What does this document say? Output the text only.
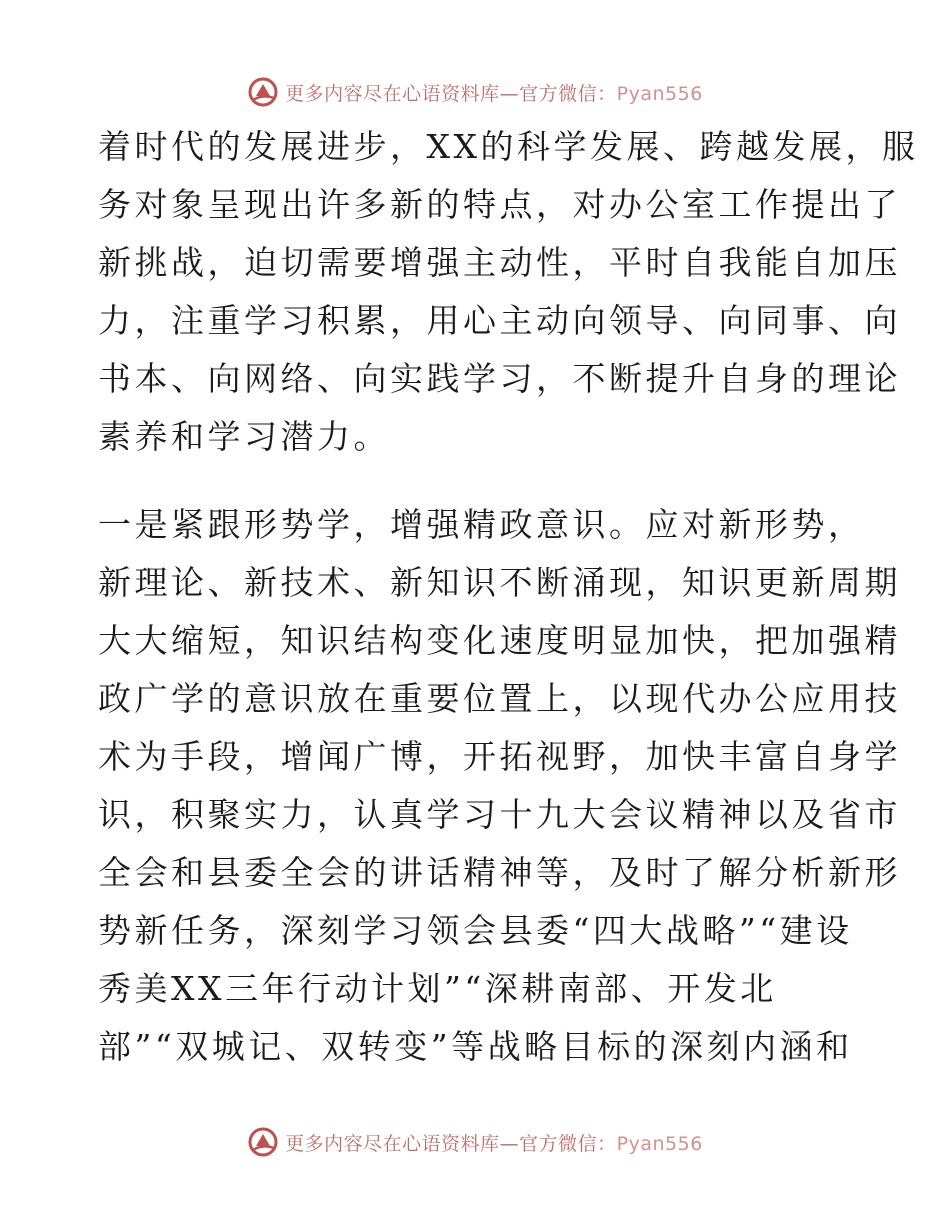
更多内容尽在心语资料库—官方微信：Pyan556
着时代的发展进步，XX的科学发展、跨越发展，服
务对象呈现出许多新的特点，对办公室工作提出了
新挑战，迫切需要增强主动性，平时自我能自加压
力，注重学习积累，用心主动向领导、向同事、向
书本、向网络、向实践学习，不断提升自身的理论
素养和学习潜力。
一是紧跟形势学，增强精政意识。应对新形势，
新理论、新技术、新知识不断涌现，知识更新周期
大大缩短，知识结构变化速度明显加快，把加强精
政广学的意识放在重要位置上，以现代办公应用技
术为手段，增闻广博，开拓视野，加快丰富自身学
识，积聚实力，认真学习十九大会议精神以及省市
全会和县委全会的讲话精神等，及时了解分析新形
势新任务，深刻学习领会县委“四大战略”“建设
秀美XX三年行动计划”“深耕南部、开发北
部”“双城记、双转变”等战略目标的深刻内涵和
更多内容尽在心语资料库—官方微信：Pyan556
